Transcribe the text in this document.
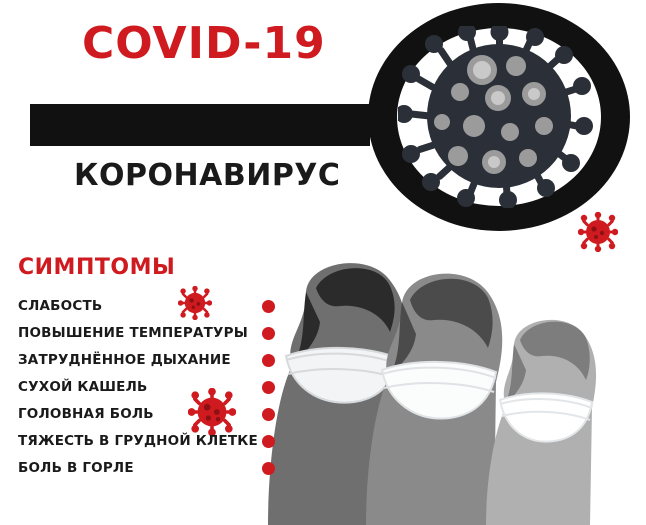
COVID-19
КОРОНАВИРУС
СИМПТОМЫ
СЛАБОСТЬ
ПОВЫШЕНИЕ ТЕМПЕРАТУРЫ
ЗАТРУДНЁННОЕ ДЫХАНИЕ
СУХОЙ КАШЕЛЬ
ГОЛОВНАЯ БОЛЬ
ТЯЖЕСТЬ В ГРУДНОЙ КЛЕТКЕ
БОЛЬ В ГОРЛЕ
